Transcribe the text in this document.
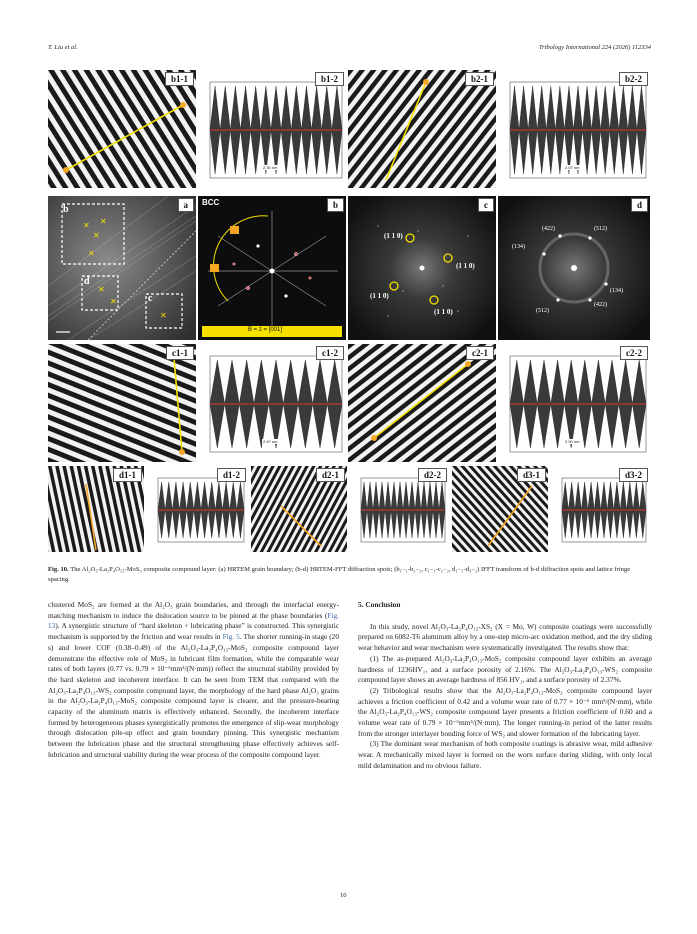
T. Liu et al.	Tribology International 224 (2026) 112334
b1-1	b1-2
2.30 nm
b2-1	b2-2
2.07 nm
✕
✕
✕
✕
✕
✕
✕
b
d
c
a	BCC
B = z = [001]
b
(1 1 0)
(1 1 0)
(1 1 0)
(1 1 0)
c
(422)	(512)
(134)
(134)
(422)
(512)
d
c1-1	c1-2
2.67 nm
c2-1	c2-2
2.50 nm
d1-1	d1-2	d2-1	d2-2	d3-1	d3-2
Fig. 10. The Al₂O₃-La₂P₄O₁₃-MoS₂ composite compound layer: (a) HRTEM grain boundary; (b-d) HRTEM-FFT diffraction spots; (b₁₋₁-b₂₋₂, c₁₋₁-c₂₋₂, d₁₋₁-d₃₋₂) IFFT transform of b-d diffraction spots and lattice fringe spacing.

clustered MoS₂ are formed at the Al₂O₃ grain boundaries, and through the interfacial energy-matching mechanism to induce the dislocation source to be pinned at the phase boundaries (Fig. 13). A synergistic structure of “hard skeleton + lubricating phase” is constructed. This synergistic mechanism is supported by the friction and wear results in Fig. 5. The shorter running-in stage (20 s) and lower COF (0.38–0.49) of the Al₂O₃-La₂P₄O₁₃-MoS₂ composite compound layer demonstrate the effective role of MoS₂ in lubricant film formation, while the comparable wear rates of both layers (0.77 vs. 0.79 × 10⁻⁶mm³/(N·mm)) reflect the structural stability provided by the hard skeleton and incoherent interface. It can be seen from TEM that compared with the Al₂O₃-La₂P₄O₁₃-WS₂ composite compound layer, the morphology of the hard phase Al₂O₃ grains in the Al₂O₃-La₂P₄O₁₃-MoS₂ composite compound layer is clearer, and the pressure-bearing capacity of the aluminum matrix is effectively enhanced. Secondly, the incoherent interface formed by heterogeneous phases synergistically promotes the emergence of slip-wear morphology through dislocation pile-up effect and grain boundary pinning. This synergistic mechanism between the lubrication phase and the structural strengthening phase effectively achieves self-lubrication and structural stability during the wear process of the composite compound layer.

5. Conclusion

In this study, novel Al₂O₃-La₂P₄O₁₃-XS₂ (X = Mo, W) composite coatings were successfully prepared on 6082-T6 aluminum alloy by a one-step micro-arc oxidation method, and the dry sliding wear behavior and wear mechanism were systematically investigated. The results show that:

(1) The as-prepared Al₂O₃-La₂P₄O₁₃-MoS₂ composite compound layer exhibits an average hardness of 1236HV₁, and a surface porosity of 2.16%. The Al₂O₃-La₂P₄O₁₃-WS₂ composite compound layer shows an average hardness of 856 HV₁, and a surface porosity of 2.37%.

(2) Tribological results show that the Al₂O₃-La₂P₄O₁₃-MoS₂ composite compound layer achieves a friction coefficient of 0.42 and a volume wear rate of 0.77 × 10⁻⁶ mm³/(N·mm), while the Al₂O₃-La₂P₄O₁₃-WS₂ composite compound layer presents a friction coefficient of 0.60 and a volume wear rate of 0.79 × 10⁻⁶mm³/(N·mm). The longer running-in period of the latter results from the stronger interlayer bonding force of WS₂ and slower formation of the lubricating layer.

(3) The dominant wear mechanism of both composite coatings is abrasive wear, mild adhesive wear. A mechanically mixed layer is formed on the worn surface during sliding, with only local mild delamination and no obvious failure.

10
